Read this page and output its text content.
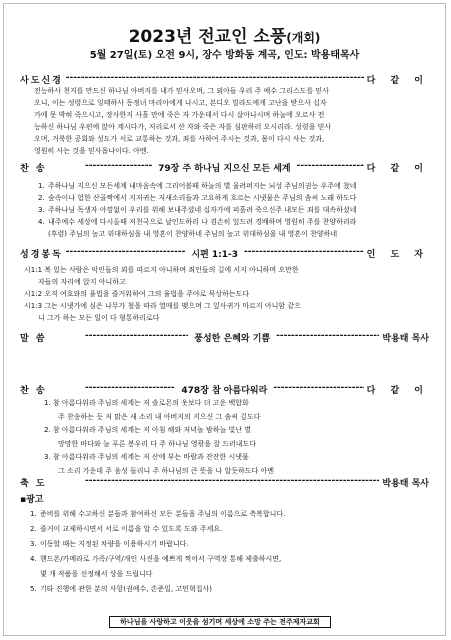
2023년 전교인 소풍(개회)
5월 27일(토) 오전 9시, 장수 방화동 계곡, 인도: 박용태목사
사도신경 -----	다 같 이
전능하사 천지를 만드신 하나님 아버지를 내가 믿사오며, 그 외아들 우리 주 예수 그리스도를 믿사
오니, 이는 성령으로 잉태하사 동정녀 마리아에게 나시고, 본디오 빌라도에게 고난을 받으사 십자
가에 못 박혀 죽으시고, 장사한지 사흘 만에 죽은 자 가운데서 다시 살아나시며 하늘에 오르사 전
능하신 하나님 우편에 앉아 계시다가, 저리로서 산 자와 죽은 자를 심판하러 오시리라. 성령을 믿사
오며, 거룩한 공회와 성도가 서로 교통하는 것과, 죄를 사하여 주시는 것과, 몸이 다시 사는 것과,
영원히 사는 것을 믿사옵나이다. 아멘.
찬 송 -----	79장 주 하나님 지으신 모든 세계 -----	다 같 이
1. 주하나님 지으신 모든세계 내마음속에 그리어볼때 하늘의 별 울려퍼지는 뇌성 주님의권능 우주에 찼네
2. 숲속이나 험한 산골짝에서 지저귀는 저새소리들과 고요하게 흐르는 시냇물은 주님의 솜씨 노래 하도다
3. 주하나님 독생자 아낌없이 우리를 위해 보내주셨네 십자가에 피흘려 죽으신주 내모든 죄를 대속하셨네
4. 내주예수 세상에 다시올때 저천국으로 날인도하리 나 겸손히 엎드려 경배하며 영원히 주를 찬양하리라
(후렴) 주님의 높고 위대하심을 내 영혼이 찬양하네 주님의 높고 위대하심을 내 영혼이 찬양하네
성경봉독 -----	시편 1:1-3 -----	인 도 자
시1:1 복 있는 사람은 악인들의 꾀를 따르지 아니하며 죄인들의 길에 서지 아니하며 오만한
자들의 자리에 앉지 아니하고
시1:2 오직 여호와의 율법을 즐거워하여 그의 율법을 주야로 묵상하는도다
시1:3 그는 시냇가에 심은 나무가 철을 따라 열매를 맺으며 그 잎사귀가 마르지 아니함 같으
니 그가 하는 모든 일이 다 형통하리로다
말 씀 -----	풍성한 은혜와 기쁨 -----	박용태 목사
찬 송 -----	478장 참 아름다워라 -----	다 같 이
1. 참 아름다워라 주님의 세계는 저 솔로몬의 옷보다 더 고운 백합화
주 찬송하는 듯 저 맑은 새 소리 내 아버지의 지으신 그 솜씨 깊도다
2. 참 아름다워라 주님의 세계는 저 아침 해와 저녁놀 밤하늘 빛난 별
망망한 바다와 늘 푸른 봉우리 다 주 하나님 영광을 잘 드러내도다
3. 참 아름다워라 주님의 세계는 저 산에 부는 바람과 잔잔한 시냇물
그 소리 가운데 주 음성 들리니 주 하나님의 큰 뜻을 나 알듯하도다 아멘
축 도 -----	박용태 목사
▪광고
1. 준비를 위해 수고하신 분들과 참여하신 모든 분들을 주님의 이름으로 축복합니다.
2. 즐거이 교제하시면서 서로 이름을 알 수 있도록 도와 주세요.
3. 이동할 때는 지정된 차량을 이용하시기 바랍니다.
4. 핸드폰/카메라로 가족/구역/개인 사진을 예쁘게 찍어서 구역장 통해 제출하시면,
몇 개 작품을 선정해서 상을 드립니다
5. 기타 진행에 관한 분의 사항(권예수, 손준일, 고민혁집사)
하나님을 사랑하고 이웃을 섬기며 세상에 소망 주는 전주제자교회
